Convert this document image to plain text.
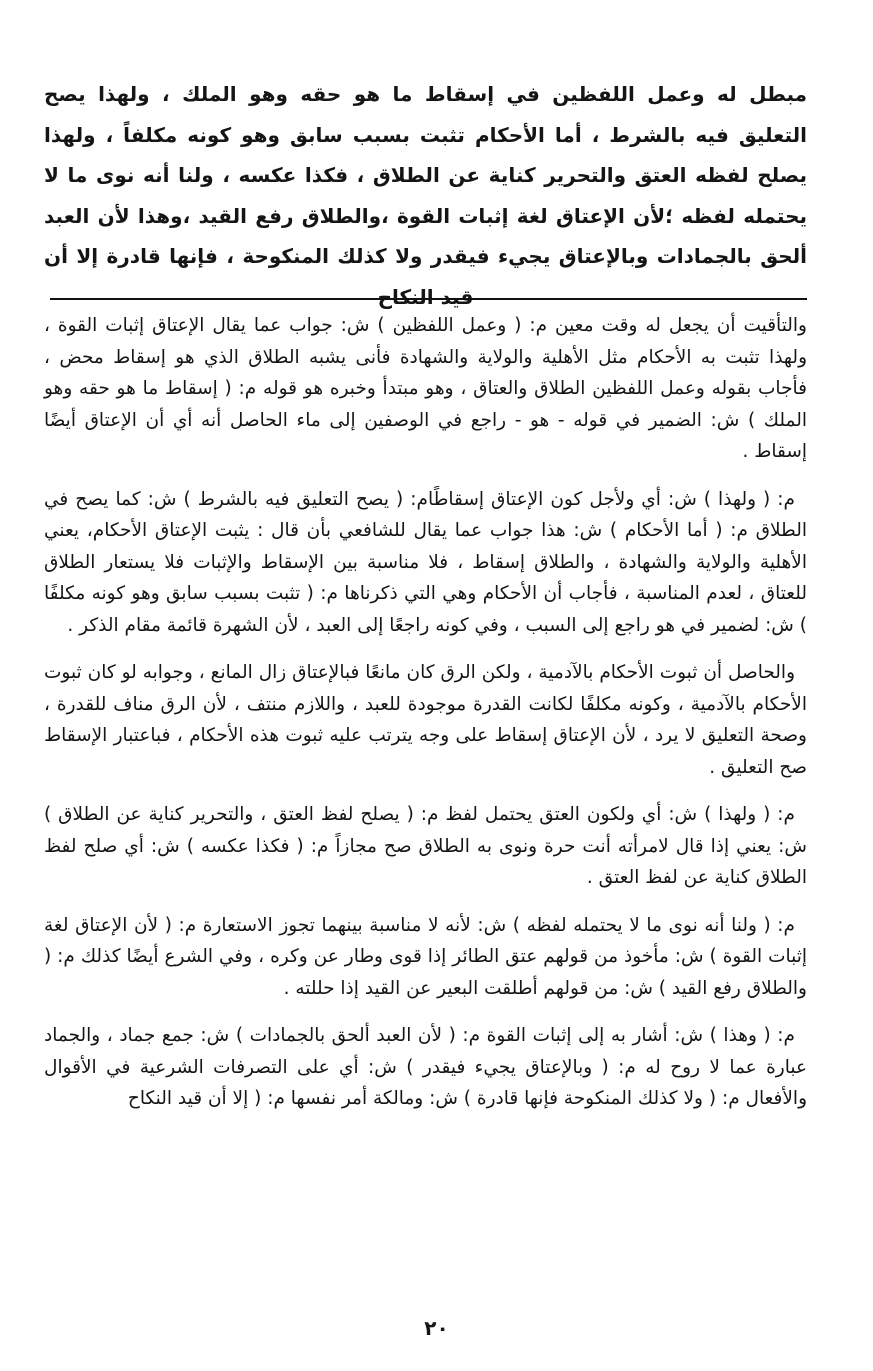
مبطل له وعمل اللفظين في إسقاط ما هو حقه وهو الملك ، ولهذا يصح التعليق فيه بالشرط ، أما الأحكام تثبت بسبب سابق وهو كونه مكلفاً ، ولهذا يصلح لفظه العتق والتحرير كناية عن الطلاق ، فكذا عكسه ، ولنا أنه نوى ما لا يحتمله لفظه ؛لأن الإعتاق لغة إثبات القوة ،والطلاق رفع القيد ،وهذا لأن العبد ألحق بالجمادات وبالإعتاق يجيء فيقدر ولا كذلك المنكوحة ، فإنها قادرة إلا أن قيد النكاح

والتأقيت أن يجعل له وقت معين م: ( وعمل اللفظين ) ش: جواب عما يقال الإعتاق إثبات القوة ، ولهذا تثبت به الأحكام مثل الأهلية والولاية والشهادة فأنى يشبه الطلاق الذي هو إسقاط محض ، فأجاب بقوله وعمل اللفظين الطلاق والعتاق ، وهو مبتدأ وخبره هو قوله م: ( إسقاط ما هو حقه وهو الملك ) ش: الضمير في قوله - هو - راجع في الوصفين إلى ماء الحاصل أنه أي أن الإعتاق أيضًا إسقاط .

م: ( ولهذا ) ش: أي ولأجل كون الإعتاق إسقاطًام: ( يصح التعليق فيه بالشرط ) ش: كما يصح في الطلاق م: ( أما الأحكام ) ش: هذا جواب عما يقال للشافعي بأن قال : يثبت الإعتاق الأحكام، يعني الأهلية والولاية والشهادة ، والطلاق إسقاط ، فلا مناسبة بين الإسقاط والإثبات فلا يستعار الطلاق للعتاق ، لعدم المناسبة ، فأجاب أن الأحكام وهي التي ذكرناها م: ( تثبت بسبب سابق وهو كونه مكلفًا ) ش: لضمير في هو راجع إلى السبب ، وفي كونه راجعًا إلى العبد ، لأن الشهرة قائمة مقام الذكر .

والحاصل أن ثبوت الأحكام بالآدمية ، ولكن الرق كان مانعًا فبالإعتاق زال المانع ، وجوابه لو كان ثبوت الأحكام بالآدمية ، وكونه مكلفًا لكانت القدرة موجودة للعبد ، واللازم منتف ، لأن الرق مناف للقدرة ، وصحة التعليق لا يرد ، لأن الإعتاق إسقاط على وجه يترتب عليه ثبوت هذه الأحكام ، فباعتبار الإسقاط صح التعليق .

م: ( ولهذا ) ش: أي ولكون العتق يحتمل لفظ م: ( يصلح لفظ العتق ، والتحرير كناية عن الطلاق ) ش: يعني إذا قال لامرأته أنت حرة ونوى به الطلاق صح مجازاً م: ( فكذا عكسه ) ش: أي صلح لفظ الطلاق كناية عن لفظ العتق .

م: ( ولنا أنه نوى ما لا يحتمله لفظه ) ش: لأنه لا مناسبة بينهما تجوز الاستعارة م: ( لأن الإعتاق لغة إثبات القوة ) ش: مأخوذ من قولهم عتق الطائر إذا قوى وطار عن وكره ، وفي الشرع أيضًا كذلك م: ( والطلاق رفع القيد ) ش: من قولهم أطلقت البعير عن القيد إذا حللته .

م: ( وهذا ) ش: أشار به إلى إثبات القوة م: ( لأن العبد ألحق بالجمادات ) ش: جمع جماد ، والجماد عبارة عما لا روح له م: ( وبالإعتاق يجيء فيقدر ) ش: أي على التصرفات الشرعية في الأقوال والأفعال م: ( ولا كذلك المنكوحة فإنها قادرة ) ش: ومالكة أمر نفسها م: ( إلا أن قيد النكاح

٢٠
